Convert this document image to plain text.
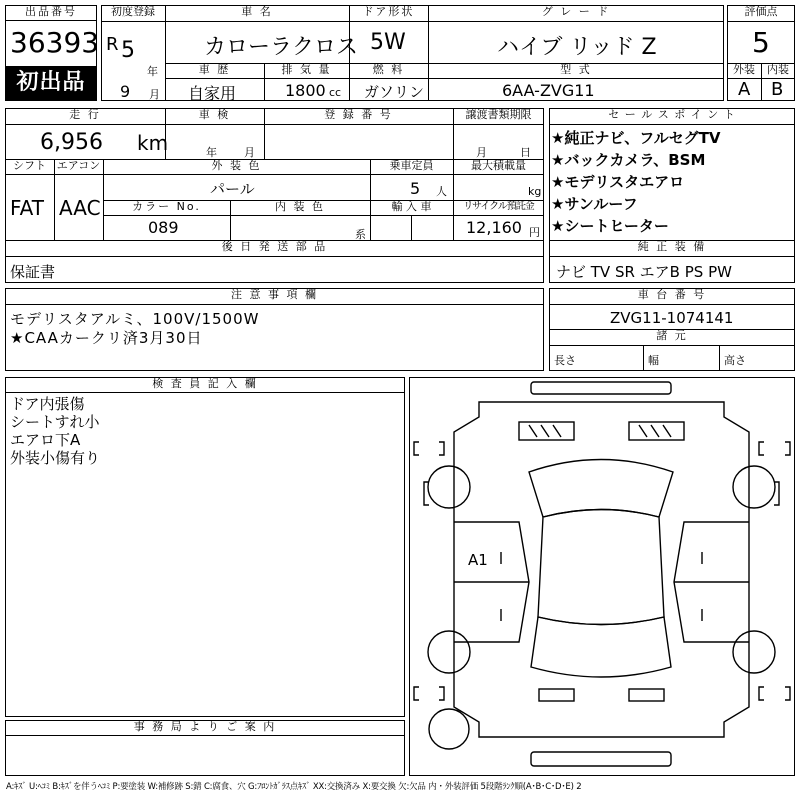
出品番号
36393
初出品
初度登録
R 5
年
9 月
車 名
カローラクロス
ドア形状
5W
グ レ ー ド
ハイブ リッド Z
車 歴
自家用
排 気 量
1800 cc
燃 料
ガソリン
型 式
6AA-ZVG11
評価点
5
外装	内装
A B
走 行
6,956 km
車 検
年 月
登 録 番 号	譲渡書類期限
月	日
シフト
FAT
エアコン
AAC
外 装 色
パール
乗車定員
5 人
最大積載量
kg
カラー No.
089
内 装 色
系
輸 入 車	リサイクル預託金
12,160 円
後 日 発 送 部 品
保証書
セ ー ル ス ポ イ ン ト
★純正ナビ、フルセグTV
★バックカメラ、BSM
★モデリスタエアロ
★サンルーフ
★シートヒーター
純 正 装 備
ナビ TV SR エアB PS PW
注 意 事 項 欄
モデリスタアルミ、100V/1500W
★CAAカークリ済3月30日
車 台 番 号
ZVG11-1074141
諸 元
長さ	幅	高さ
検 査 員 記 入 欄
ドア内張傷
シートすれ小
エアロ下A
外装小傷有り
事 務 局 よ り ご 案 内
A1
A:ｷｽﾞ U:ﾍｺﾐ B:ｷｽﾞを伴うﾍｺﾐ P:要塗装 W:補修跡 S:錆 C:腐食、穴 G:ﾌﾛﾝﾄｶﾞﾗｽ点ｷｽﾞ XX:交換済み X:要交換 欠:欠品 内・外装評価 5段階ﾗﾝｸ順(A･B･C･D･E) 2
